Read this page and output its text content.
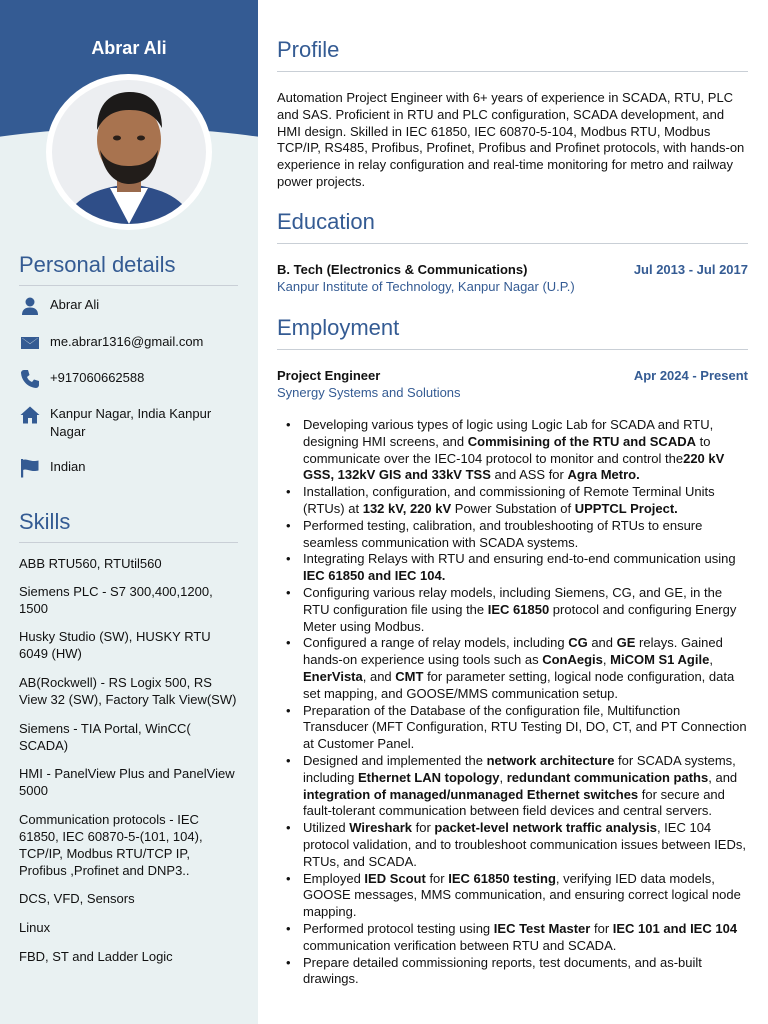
Abrar Ali
Personal details
Abrar Ali
me.abrar1316@gmail.com
+917060662588
Kanpur Nagar, India Kanpur Nagar
Indian
Skills
ABB RTU560, RTUtil560
Siemens PLC - S7 300,400,1200, 1500
Husky Studio (SW), HUSKY RTU 6049 (HW)
AB(Rockwell) - RS Logix 500, RS View 32 (SW), Factory Talk View(SW)
Siemens - TIA Portal, WinCC( SCADA)
HMI - PanelView Plus and PanelView 5000
Communication protocols - IEC 61850, IEC 60870-5-(101, 104), TCP/IP, Modbus RTU/TCP IP, Profibus ,Profinet and DNP3..
DCS, VFD, Sensors
Linux
FBD, ST and Ladder Logic
Profile
Automation Project Engineer with 6+ years of experience in SCADA, RTU, PLC and SAS. Proficient in RTU and PLC configuration, SCADA development, and HMI design. Skilled in IEC 61850, IEC 60870-5-104, Modbus RTU, Modbus TCP/IP, RS485, Profibus, Profinet, Profibus and Profinet protocols, with hands-on experience in relay configuration and real-time monitoring for metro and railway power projects.
Education
B. Tech (Electronics & Communications)	Jul 2013 - Jul 2017
Kanpur Institute of Technology, Kanpur Nagar (U.P.)
Employment
Project Engineer	Apr 2024 - Present
Synergy Systems and Solutions
• Developing various types of logic using Logic Lab for SCADA and RTU, designing HMI screens, and Commisining of the RTU and SCADA to communicate over the IEC-104 protocol to monitor and control the220 kV GSS, 132kV GIS and 33kV TSS and ASS for Agra Metro.
• Installation, configuration, and commissioning of Remote Terminal Units (RTUs) at 132 kV, 220 kV Power Substation of UPPTCL Project.
• Performed testing, calibration, and troubleshooting of RTUs to ensure seamless communication with SCADA systems.
• Integrating Relays with RTU and ensuring end-to-end communication using IEC 61850 and IEC 104.
• Configuring various relay models, including Siemens, CG, and GE, in the RTU configuration file using the IEC 61850 protocol and configuring Energy Meter using Modbus.
• Configured a range of relay models, including CG and GE relays. Gained hands-on experience using tools such as ConAegis, MiCOM S1 Agile, EnerVista, and CMT for parameter setting, logical node configuration, data set mapping, and GOOSE/MMS communication setup.
• Preparation of the Database of the configuration file, Multifunction Transducer (MFT Configuration, RTU Testing DI, DO, CT, and PT Connection at Customer Panel.
• Designed and implemented the network architecture for SCADA systems, including Ethernet LAN topology, redundant communication paths, and integration of managed/unmanaged Ethernet switches for secure and fault-tolerant communication between field devices and central servers.
• Utilized Wireshark for packet-level network traffic analysis, IEC 104 protocol validation, and to troubleshoot communication issues between IEDs, RTUs, and SCADA.
• Employed IED Scout for IEC 61850 testing, verifying IED data models, GOOSE messages, MMS communication, and ensuring correct logical node mapping.
• Performed protocol testing using IEC Test Master for IEC 101 and IEC 104 communication verification between RTU and SCADA.
• Prepare detailed commissioning reports, test documents, and as-built drawings.
